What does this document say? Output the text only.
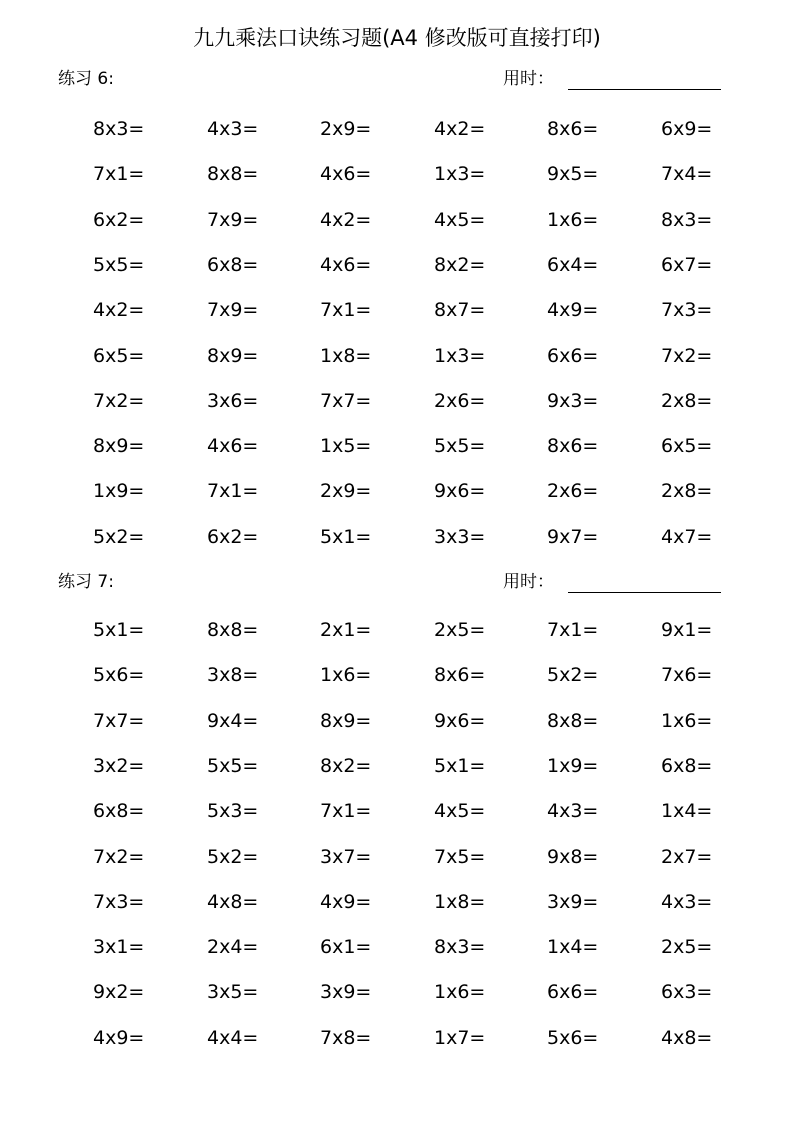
九九乘法口诀练习题(A4 修改版可直接打印)
练习 6:	用时：
8x3=	4x3=	2x9=	4x2=	8x6=	6x9=
7x1=	8x8=	4x6=	1x3=	9x5=	7x4=
6x2=	7x9=	4x2=	4x5=	1x6=	8x3=
5x5=	6x8=	4x6=	8x2=	6x4=	6x7=
4x2=	7x9=	7x1=	8x7=	4x9=	7x3=
6x5=	8x9=	1x8=	1x3=	6x6=	7x2=
7x2=	3x6=	7x7=	2x6=	9x3=	2x8=
8x9=	4x6=	1x5=	5x5=	8x6=	6x5=
1x9=	7x1=	2x9=	9x6=	2x6=	2x8=
5x2=	6x2=	5x1=	3x3=	9x7=	4x7=
练习 7:	用时：
5x1=	8x8=	2x1=	2x5=	7x1=	9x1=
5x6=	3x8=	1x6=	8x6=	5x2=	7x6=
7x7=	9x4=	8x9=	9x6=	8x8=	1x6=
3x2=	5x5=	8x2=	5x1=	1x9=	6x8=
6x8=	5x3=	7x1=	4x5=	4x3=	1x4=
7x2=	5x2=	3x7=	7x5=	9x8=	2x7=
7x3=	4x8=	4x9=	1x8=	3x9=	4x3=
3x1=	2x4=	6x1=	8x3=	1x4=	2x5=
9x2=	3x5=	3x9=	1x6=	6x6=	6x3=
4x9=	4x4=	7x8=	1x7=	5x6=	4x8=
